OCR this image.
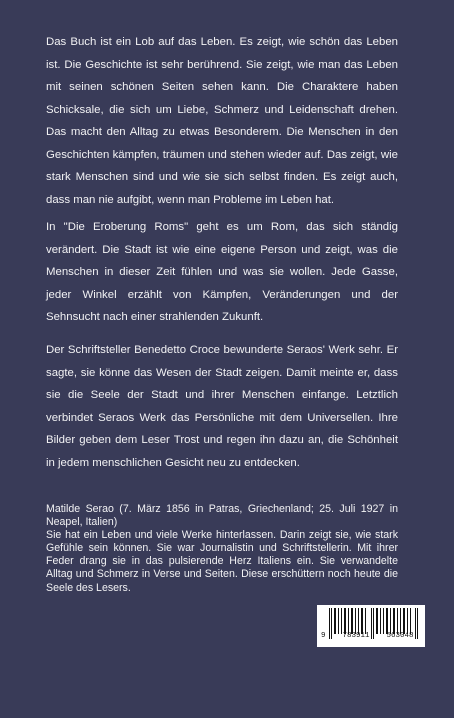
Das Buch ist ein Lob auf das Leben. Es zeigt, wie schön das Leben ist. Die Geschichte ist sehr berührend. Sie zeigt, wie man das Leben mit seinen schönen Seiten sehen kann. Die Charaktere haben Schicksale, die sich um Liebe, Schmerz und Leidenschaft drehen. Das macht den Alltag zu etwas Besonderem. Die Menschen in den Geschichten kämpfen, träumen und stehen wieder auf. Das zeigt, wie stark Menschen sind und wie sie sich selbst finden. Es zeigt auch, dass man nie aufgibt, wenn man Probleme im Leben hat.

In "Die Eroberung Roms" geht es um Rom, das sich ständig verändert. Die Stadt ist wie eine eigene Person und zeigt, was die Menschen in dieser Zeit fühlen und was sie wollen. Jede Gasse, jeder Winkel erzählt von Kämpfen, Veränderungen und der Sehnsucht nach einer strahlenden Zukunft.

Der Schriftsteller Benedetto Croce bewunderte Seraos' Werk sehr. Er sagte, sie könne das Wesen der Stadt zeigen. Damit meinte er, dass sie die Seele der Stadt und ihrer Menschen einfange. Letztlich verbindet Seraos Werk das Persönliche mit dem Universellen. Ihre Bilder geben dem Leser Trost und regen ihn dazu an, die Schönheit in jedem menschlichen Gesicht neu zu entdecken.

Matilde Serao (7. März 1856 in Patras, Griechenland; 25. Juli 1927 in Neapel, Italien)
Sie hat ein Leben und viele Werke hinterlassen. Darin zeigt sie, wie stark Gefühle sein können. Sie war Journalistin und Schriftstellerin. Mit ihrer Feder drang sie in das pulsierende Herz Italiens ein. Sie verwandelte Alltag und Schmerz in Verse und Seiten. Diese erschüttern noch heute die Seele des Lesers.
9	783911	563048
